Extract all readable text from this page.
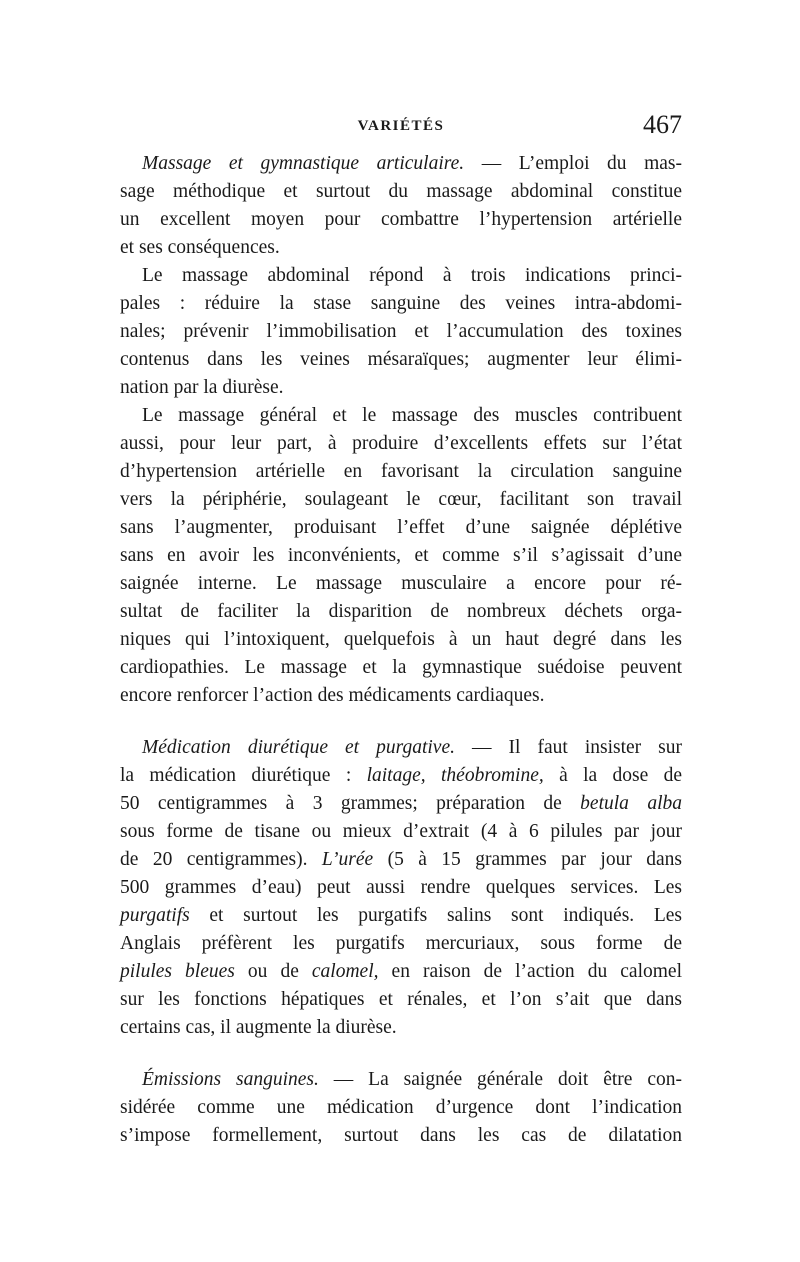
VARIÉTÉS	467
Massage et gymnastique articulaire. — L’emploi du mas-
sage méthodique et surtout du massage abdominal constitue
un excellent moyen pour combattre l’hypertension artérielle
et ses conséquences.
Le massage abdominal répond à trois indications princi-
pales : réduire la stase sanguine des veines intra-abdomi-
nales; prévenir l’immobilisation et l’accumulation des toxines
contenus dans les veines mésaraïques; augmenter leur élimi-
nation par la diurèse.
Le massage général et le massage des muscles contribuent
aussi, pour leur part, à produire d’excellents effets sur l’état
d’hypertension artérielle en favorisant la circulation sanguine
vers la périphérie, soulageant le cœur, facilitant son travail
sans l’augmenter, produisant l’effet d’une saignée déplétive
sans en avoir les inconvénients, et comme s’il s’agissait d’une
saignée interne. Le massage musculaire a encore pour ré-
sultat de faciliter la disparition de nombreux déchets orga-
niques qui l’intoxiquent, quelquefois à un haut degré dans les
cardiopathies. Le massage et la gymnastique suédoise peuvent
encore renforcer l’action des médicaments cardiaques.
Médication diurétique et purgative. — Il faut insister sur
la médication diurétique : laitage, théobromine, à la dose de
50 centigrammes à 3 grammes; préparation de betula alba
sous forme de tisane ou mieux d’extrait (4 à 6 pilules par jour
de 20 centigrammes). L’urée (5 à 15 grammes par jour dans
500 grammes d’eau) peut aussi rendre quelques services. Les
purgatifs et surtout les purgatifs salins sont indiqués. Les
Anglais préfèrent les purgatifs mercuriaux, sous forme de
pilules bleues ou de calomel, en raison de l’action du calomel
sur les fonctions hépatiques et rénales, et l’on s’ait que dans
certains cas, il augmente la diurèse.
Émissions sanguines. — La saignée générale doit être con-
sidérée comme une médication d’urgence dont l’indication
s’impose formellement, surtout dans les cas de dilatation
